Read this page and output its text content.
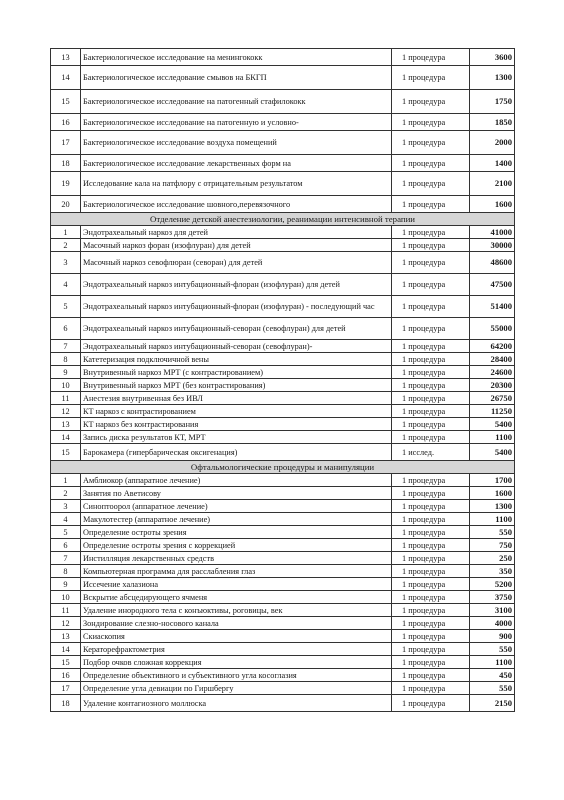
13	Бактериологическое исследование на менингококк	1 процедура	3600
14	Бактериологическое исследование смывов на БКГП	1 процедура	1300
15	Бактериологическое исследование на патогенный стафилококк	1 процедура	1750
16	Бактериологическое исследование на патогенную и условно-	1 процедура	1850
17	Бактериологическое исследование воздуха помещений	1 процедура	2000
18	Бактериологическое исследование лекарственных форм на	1 процедура	1400
19	Исследование кала на патфлору с отрицательным результатом	1 процедура	2100
20	Бактериологическое исследование шовного,перевязочного	1 процедура	1600
Отделение детской анестезиологии, реанимации интенсивной терапии			
1	Эндотрахеальный наркоз для детей	1 процедура	41000
2	Масочный наркоз форан (изофлуран) для детей	1 процедура	30000
3	Масочный наркоз севофлюран (севоран) для детей	1 процедура	48600
4	Эндотрахеальный наркоз интубационный-флоран (изофлуран) для детей	1 процедура	47500
5	Эндотрахеальный наркоз интубационный-флоран (изофлуран) - последующий час	1 процедура	51400
6	Эндотрахеальный наркоз интубационный-севоран (севофлуран) для детей	1 процедура	55000
7	Эндотрахеальный наркоз интубационный-севоран (севофлуран)-	1 процедура	64200
8	Катетеризация подключичной вены	1 процедура	28400
9	Внутривенный наркоз МРТ (с контрастированием)	1 процедура	24600
10	Внутривенный наркоз МРТ (без контрастирования)	1 процедура	20300
11	Анестезия внутривенная без ИВЛ	1 процедура	26750
12	КТ наркоз с контрастированием	1 процедура	11250
13	КТ наркоз без контрастирования	1 процедура	5400
14	Запись диска результатов КТ, МРТ	1 процедура	1100
15	Барокамера (гипербарическая оксигенация)	1 исслед.	5400
Офтальмологические процедуры и манипуляции			
1	Амблиокор (аппаратное лечение)	1 процедура	1700
2	Занятия по Аветисову	1 процедура	1600
3	Синоптоорол (аппаратное лечение)	1 процедура	1300
4	Макулотестер (аппаратное лечение)	1 процедура	1100
5	Определение остроты зрения	1 процедура	550
6	Определение остроты зрения с коррекцией	1 процедура	750
7	Инстилляция лекарственных средств	1 процедура	250
8	Компьютерная программа для расслабления глаз	1 процедура	350
9	Иссечение халазиона	1 процедура	5200
10	Вскрытие абсцедирующего ячменя	1 процедура	3750
11	Удаление инородного тела с конъюктивы, роговицы, век	1 процедура	3100
12	Зондирование слезно-носового канала	1 процедура	4000
13	Скиаскопия	1 процедура	900
14	Кераторефрактометрия	1 процедура	550
15	Подбор очков сложная коррекция	1 процедура	1100
16	Определение объективного и субъективного угла косоглазия	1 процедура	450
17	Определение угла девиации по Гиршбергу	1 процедура	550
18	Удаление контагиозного моллюска	1 процедура	2150
